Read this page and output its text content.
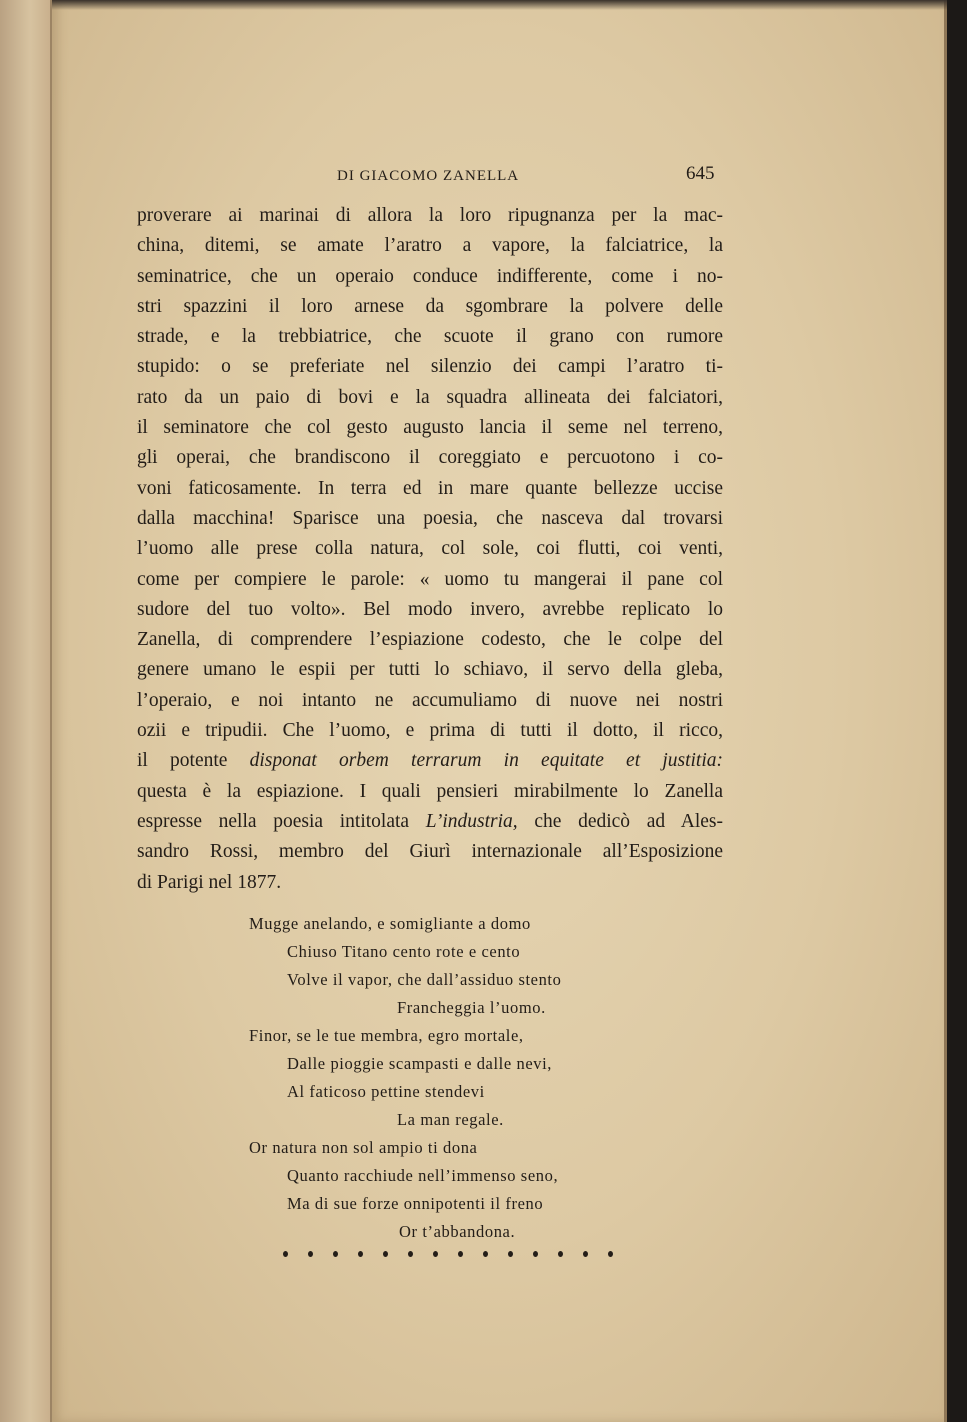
DI GIACOMO ZANELLA	645
proverare ai marinai di allora la loro ripugnanza per la mac-
china, ditemi, se amate l’aratro a vapore, la falciatrice, la
seminatrice, che un operaio conduce indifferente, come i no-
stri spazzini il loro arnese da sgombrare la polvere delle
strade, e la trebbiatrice, che scuote il grano con rumore
stupido: o se preferiate nel silenzio dei campi l’aratro ti-
rato da un paio di bovi e la squadra allineata dei falciatori,
il seminatore che col gesto augusto lancia il seme nel terreno,
gli operai, che brandiscono il coreggiato e percuotono i co-
voni faticosamente. In terra ed in mare quante bellezze uccise
dalla macchina! Sparisce una poesia, che nasceva dal trovarsi
l’uomo alle prese colla natura, col sole, coi flutti, coi venti,
come per compiere le parole: « uomo tu mangerai il pane col
sudore del tuo volto». Bel modo invero, avrebbe replicato lo
Zanella, di comprendere l’espiazione codesto, che le colpe del
genere umano le espii per tutti lo schiavo, il servo della gleba,
l’operaio, e noi intanto ne accumuliamo di nuove nei nostri
ozii e tripudii. Che l’uomo, e prima di tutti il dotto, il ricco,
il potente disponat orbem terrarum in equitate et justitia:
questa è la espiazione. I quali pensieri mirabilmente lo Zanella
espresse nella poesia intitolata L’industria, che dedicò ad Ales-
sandro Rossi, membro del Giurì internazionale all’Esposizione
di Parigi nel 1877.
Mugge anelando, e somigliante a domo
Chiuso Titano cento rote e cento
Volve il vapor, che dall’assiduo stento
Francheggia l’uomo.
Finor, se le tue membra, egro mortale,
Dalle pioggie scampasti e dalle nevi,
Al faticoso pettine stendevi
La man regale.
Or natura non sol ampio ti dona
Quanto racchiude nell’immenso seno,
Ma di sue forze onnipotenti il freno
Or t’abbandona.
